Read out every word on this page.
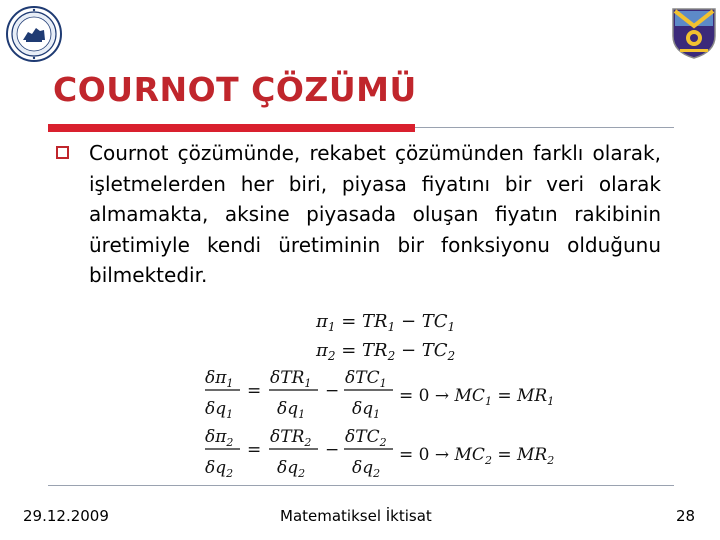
COURNOT ÇÖZÜMÜ

Cournot çözümünde, rekabet çözümünden farklı olarak, işletmelerden her biri, piyasa fiyatını bir veri olarak almamakta, aksine piyasada oluşan fiyatın rakibinin üretimiyle kendi üretiminin bir fonksiyonu olduğunu bilmektedir.

$\pi_1 = TR_1 - TC_1$
$\pi_2 = TR_2 - TC_2$
$\delta\pi_1$
$\delta q_1$
=
δTR$_1$
$\delta q_1$
−
δTC$_1$
$\delta q_1$
= $0 \to MC_1 = MR_1$
$\delta\pi_2$
$\delta q_2$
=
δTR$_2$
$\delta q_2$
−
δTC$_2$
$\delta q_2$
= $0 \to MC_2 = MR_2$
29.12.2009	Matematiksel İktisat	28
